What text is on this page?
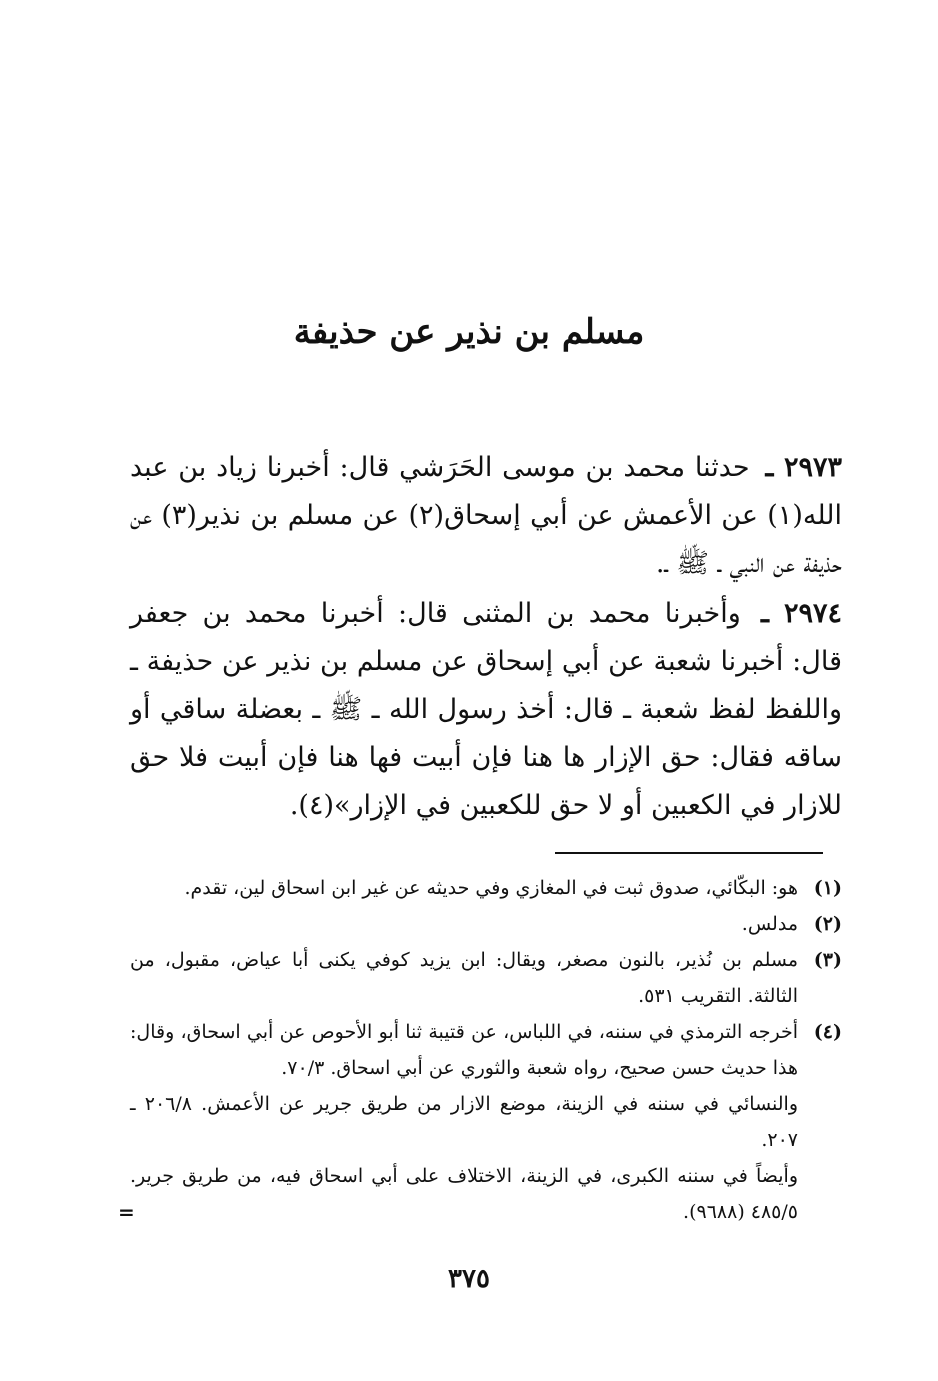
مسلم بن نذير عن حذيفة
٢٩٧٣ ـ حدثنا محمد بن موسى الحَرَشي قال: أخبرنا زياد بن عبد الله(١) عن الأعمش عن أبي إسحاق(٢) عن مسلم بن نذير(٣) عن حذيفة عن النبي ـ ﷺ ـ.
٢٩٧٤ ـ وأخبرنا محمد بن المثنى قال: أخبرنا محمد بن جعفر قال: أخبرنا شعبة عن أبي إسحاق عن مسلم بن نذير عن حذيفة ـ واللفظ لفظ شعبة ـ قال: أخذ رسول الله ـ ﷺ ـ بعضلة ساقي أو ساقه فقال: حق الإزار ها هنا فإن أبيت فها هنا فإن أبيت فلا حق للازار في الكعبين أو لا حق للكعبين في الإزار»(٤).
(١)

هو: البكّائي، صدوق ثبت في المغازي وفي حديثه عن غير ابن اسحاق لين، تقدم.

(٢)

مدلس.

(٣)

مسلم بن نُذير، بالنون مصغر، ويقال: ابن يزيد كوفي يكنى أبا عياض، مقبول، من الثالثة. التقريب ٥٣١.

(٤)

أخرجه الترمذي في سننه، في اللباس، عن قتيبة ثنا أبو الأحوص عن أبي اسحاق، وقال: هذا حديث حسن صحيح، رواه شعبة والثوري عن أبي اسحاق. ٧٠/٣.

والنسائي في سننه في الزينة، موضع الازار من طريق جرير عن الأعمش. ٢٠٦/٨ ـ ٢٠٧.

وأيضاً في سننه الكبرى، في الزينة، الاختلاف على أبي اسحاق فيه، من طريق جرير. ٤٨٥/٥ (٩٦٨٨).

=
٣٧٥
